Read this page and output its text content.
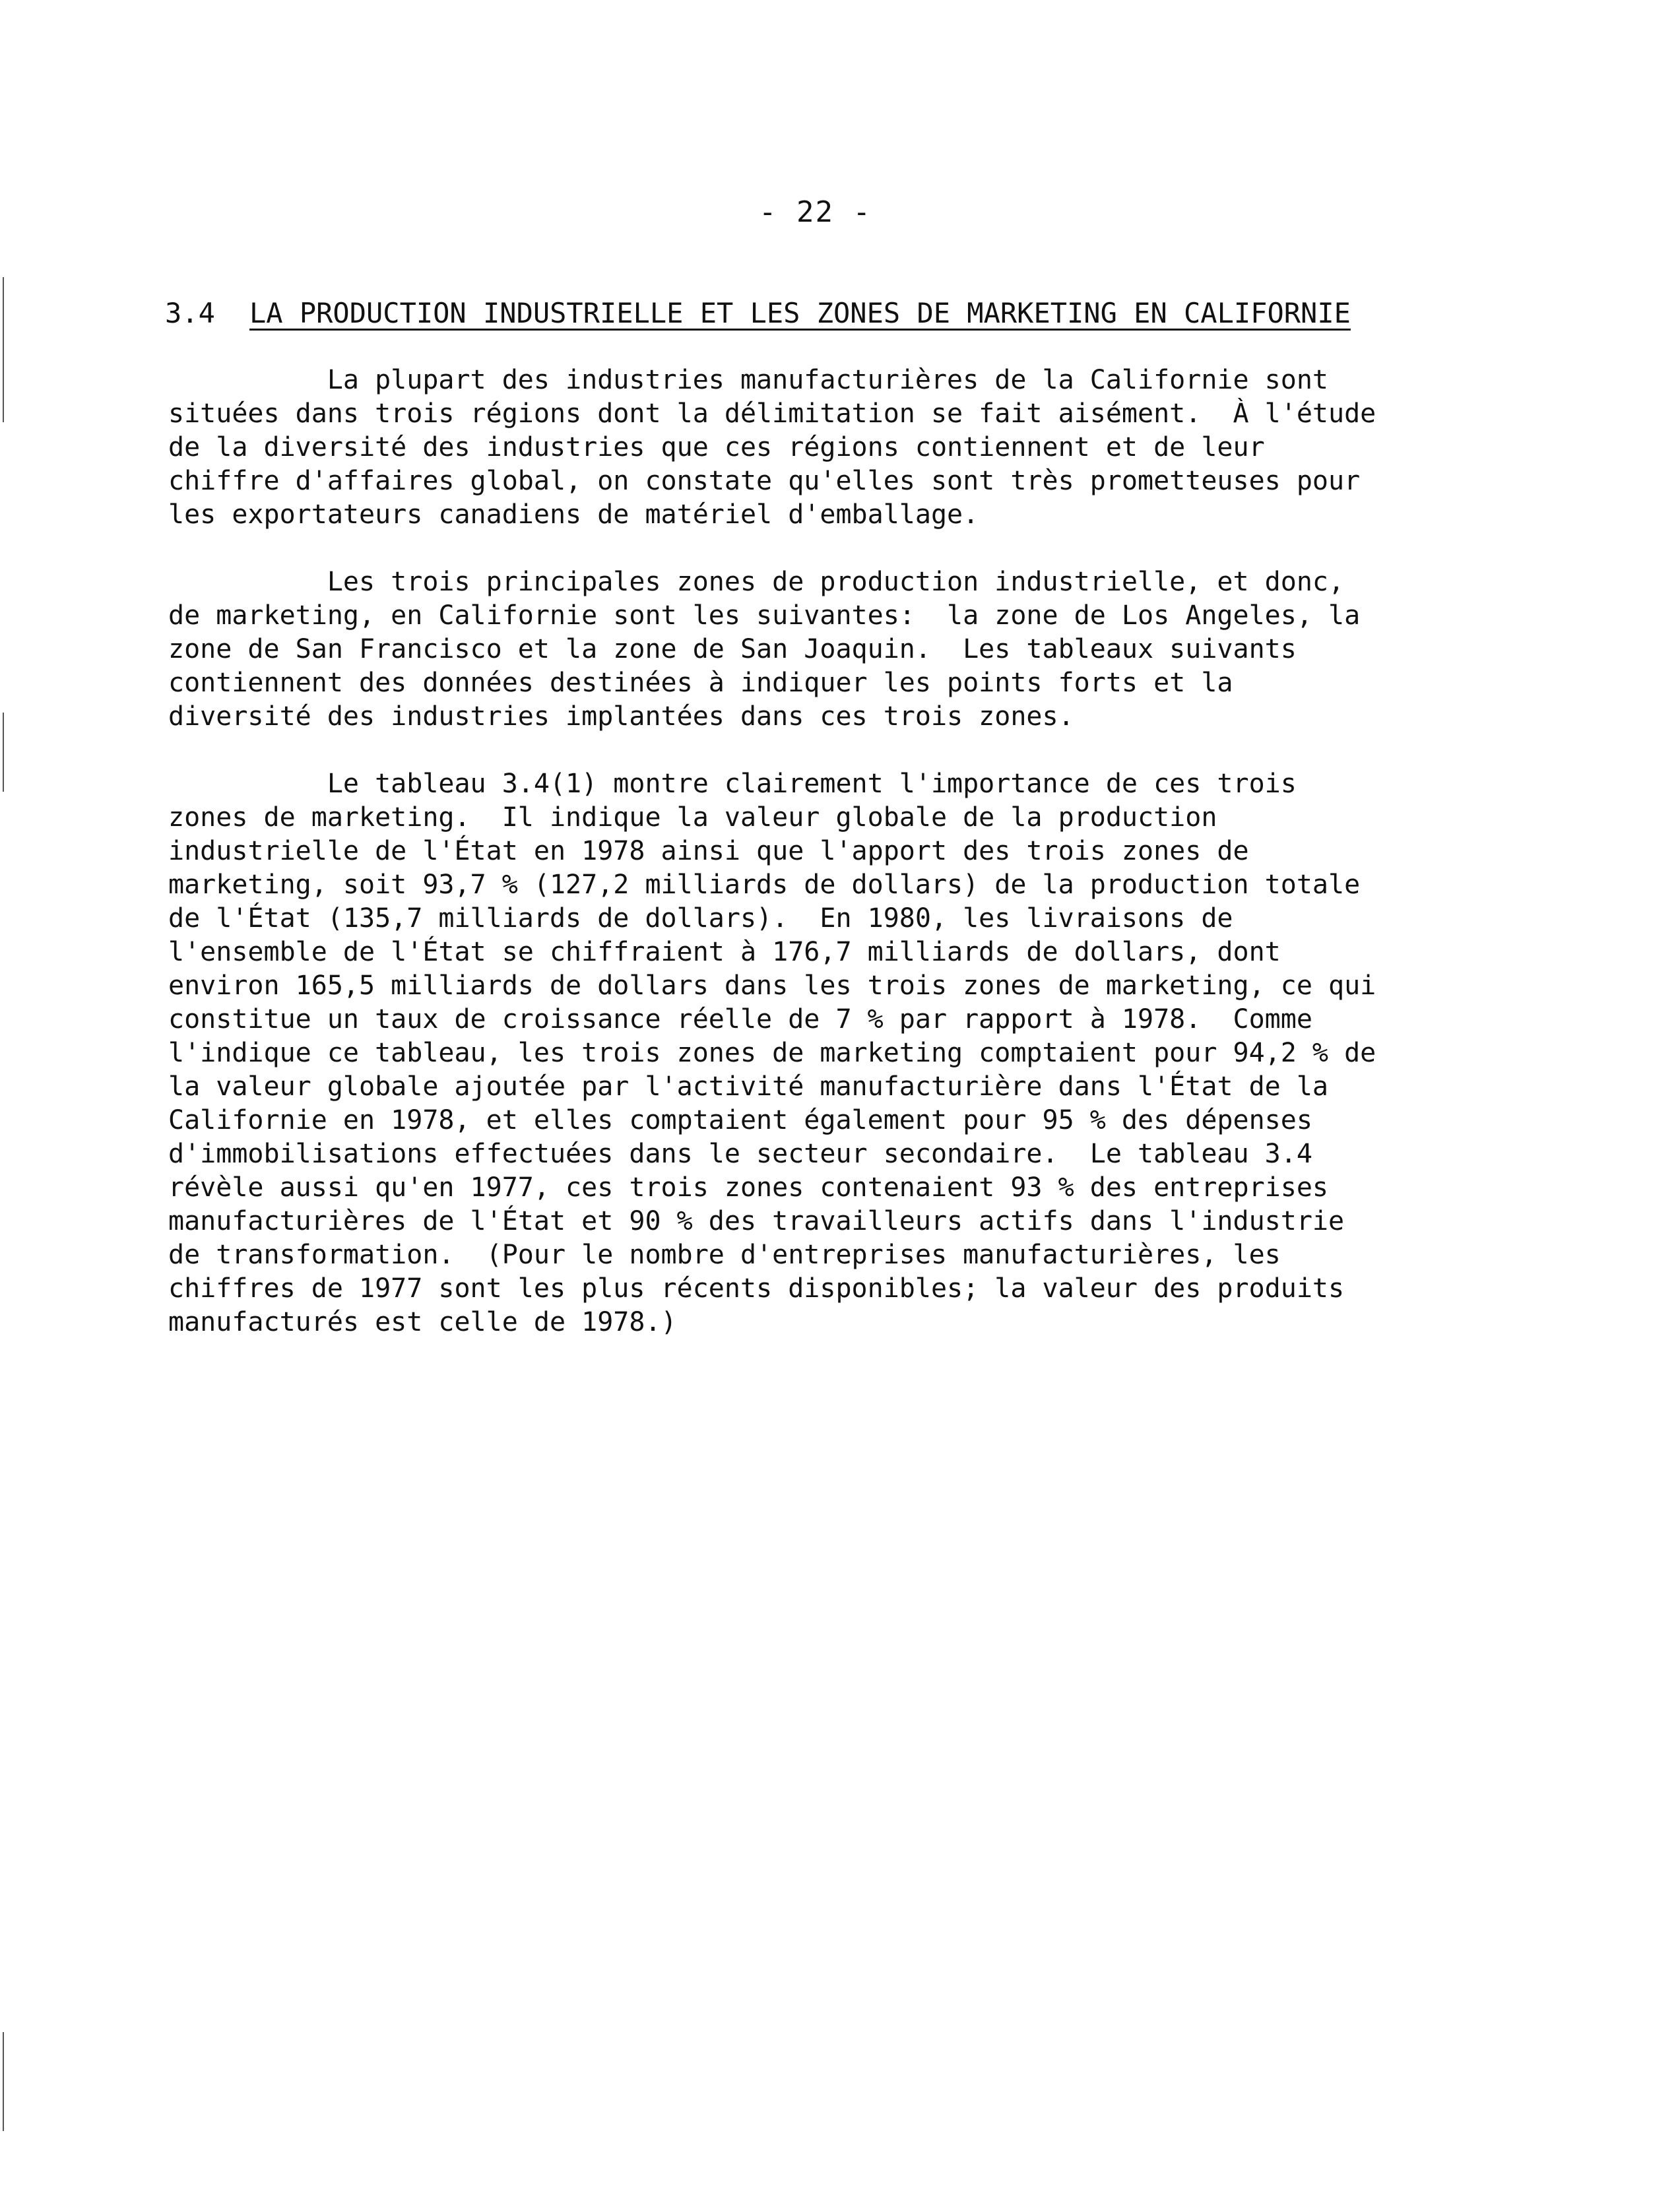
- 22 -
3.4 LA PRODUCTION INDUSTRIELLE ET LES ZONES DE MARKETING EN CALIFORNIE

La plupart des industries manufacturières de la Californie sont
situées dans trois régions dont la délimitation se fait aisément.  À l'étude
de la diversité des industries que ces régions contiennent et de leur
chiffre d'affaires global, on constate qu'elles sont très prometteuses pour
les exportateurs canadiens de matériel d'emballage.

Les trois principales zones de production industrielle, et donc,
de marketing, en Californie sont les suivantes:  la zone de Los Angeles, la
zone de San Francisco et la zone de San Joaquin.  Les tableaux suivants
contiennent des données destinées à indiquer les points forts et la
diversité des industries implantées dans ces trois zones.

Le tableau 3.4(1) montre clairement l'importance de ces trois
zones de marketing.  Il indique la valeur globale de la production
industrielle de l'État en 1978 ainsi que l'apport des trois zones de
marketing, soit 93,7 % (127,2 milliards de dollars) de la production totale
de l'État (135,7 milliards de dollars).  En 1980, les livraisons de
l'ensemble de l'État se chiffraient à 176,7 milliards de dollars, dont
environ 165,5 milliards de dollars dans les trois zones de marketing, ce qui
constitue un taux de croissance réelle de 7 % par rapport à 1978.  Comme
l'indique ce tableau, les trois zones de marketing comptaient pour 94,2 % de
la valeur globale ajoutée par l'activité manufacturière dans l'État de la
Californie en 1978, et elles comptaient également pour 95 % des dépenses
d'immobilisations effectuées dans le secteur secondaire.  Le tableau 3.4
révèle aussi qu'en 1977, ces trois zones contenaient 93 % des entreprises
manufacturières de l'État et 90 % des travailleurs actifs dans l'industrie
de transformation.  (Pour le nombre d'entreprises manufacturières, les
chiffres de 1977 sont les plus récents disponibles; la valeur des produits
manufacturés est celle de 1978.)
